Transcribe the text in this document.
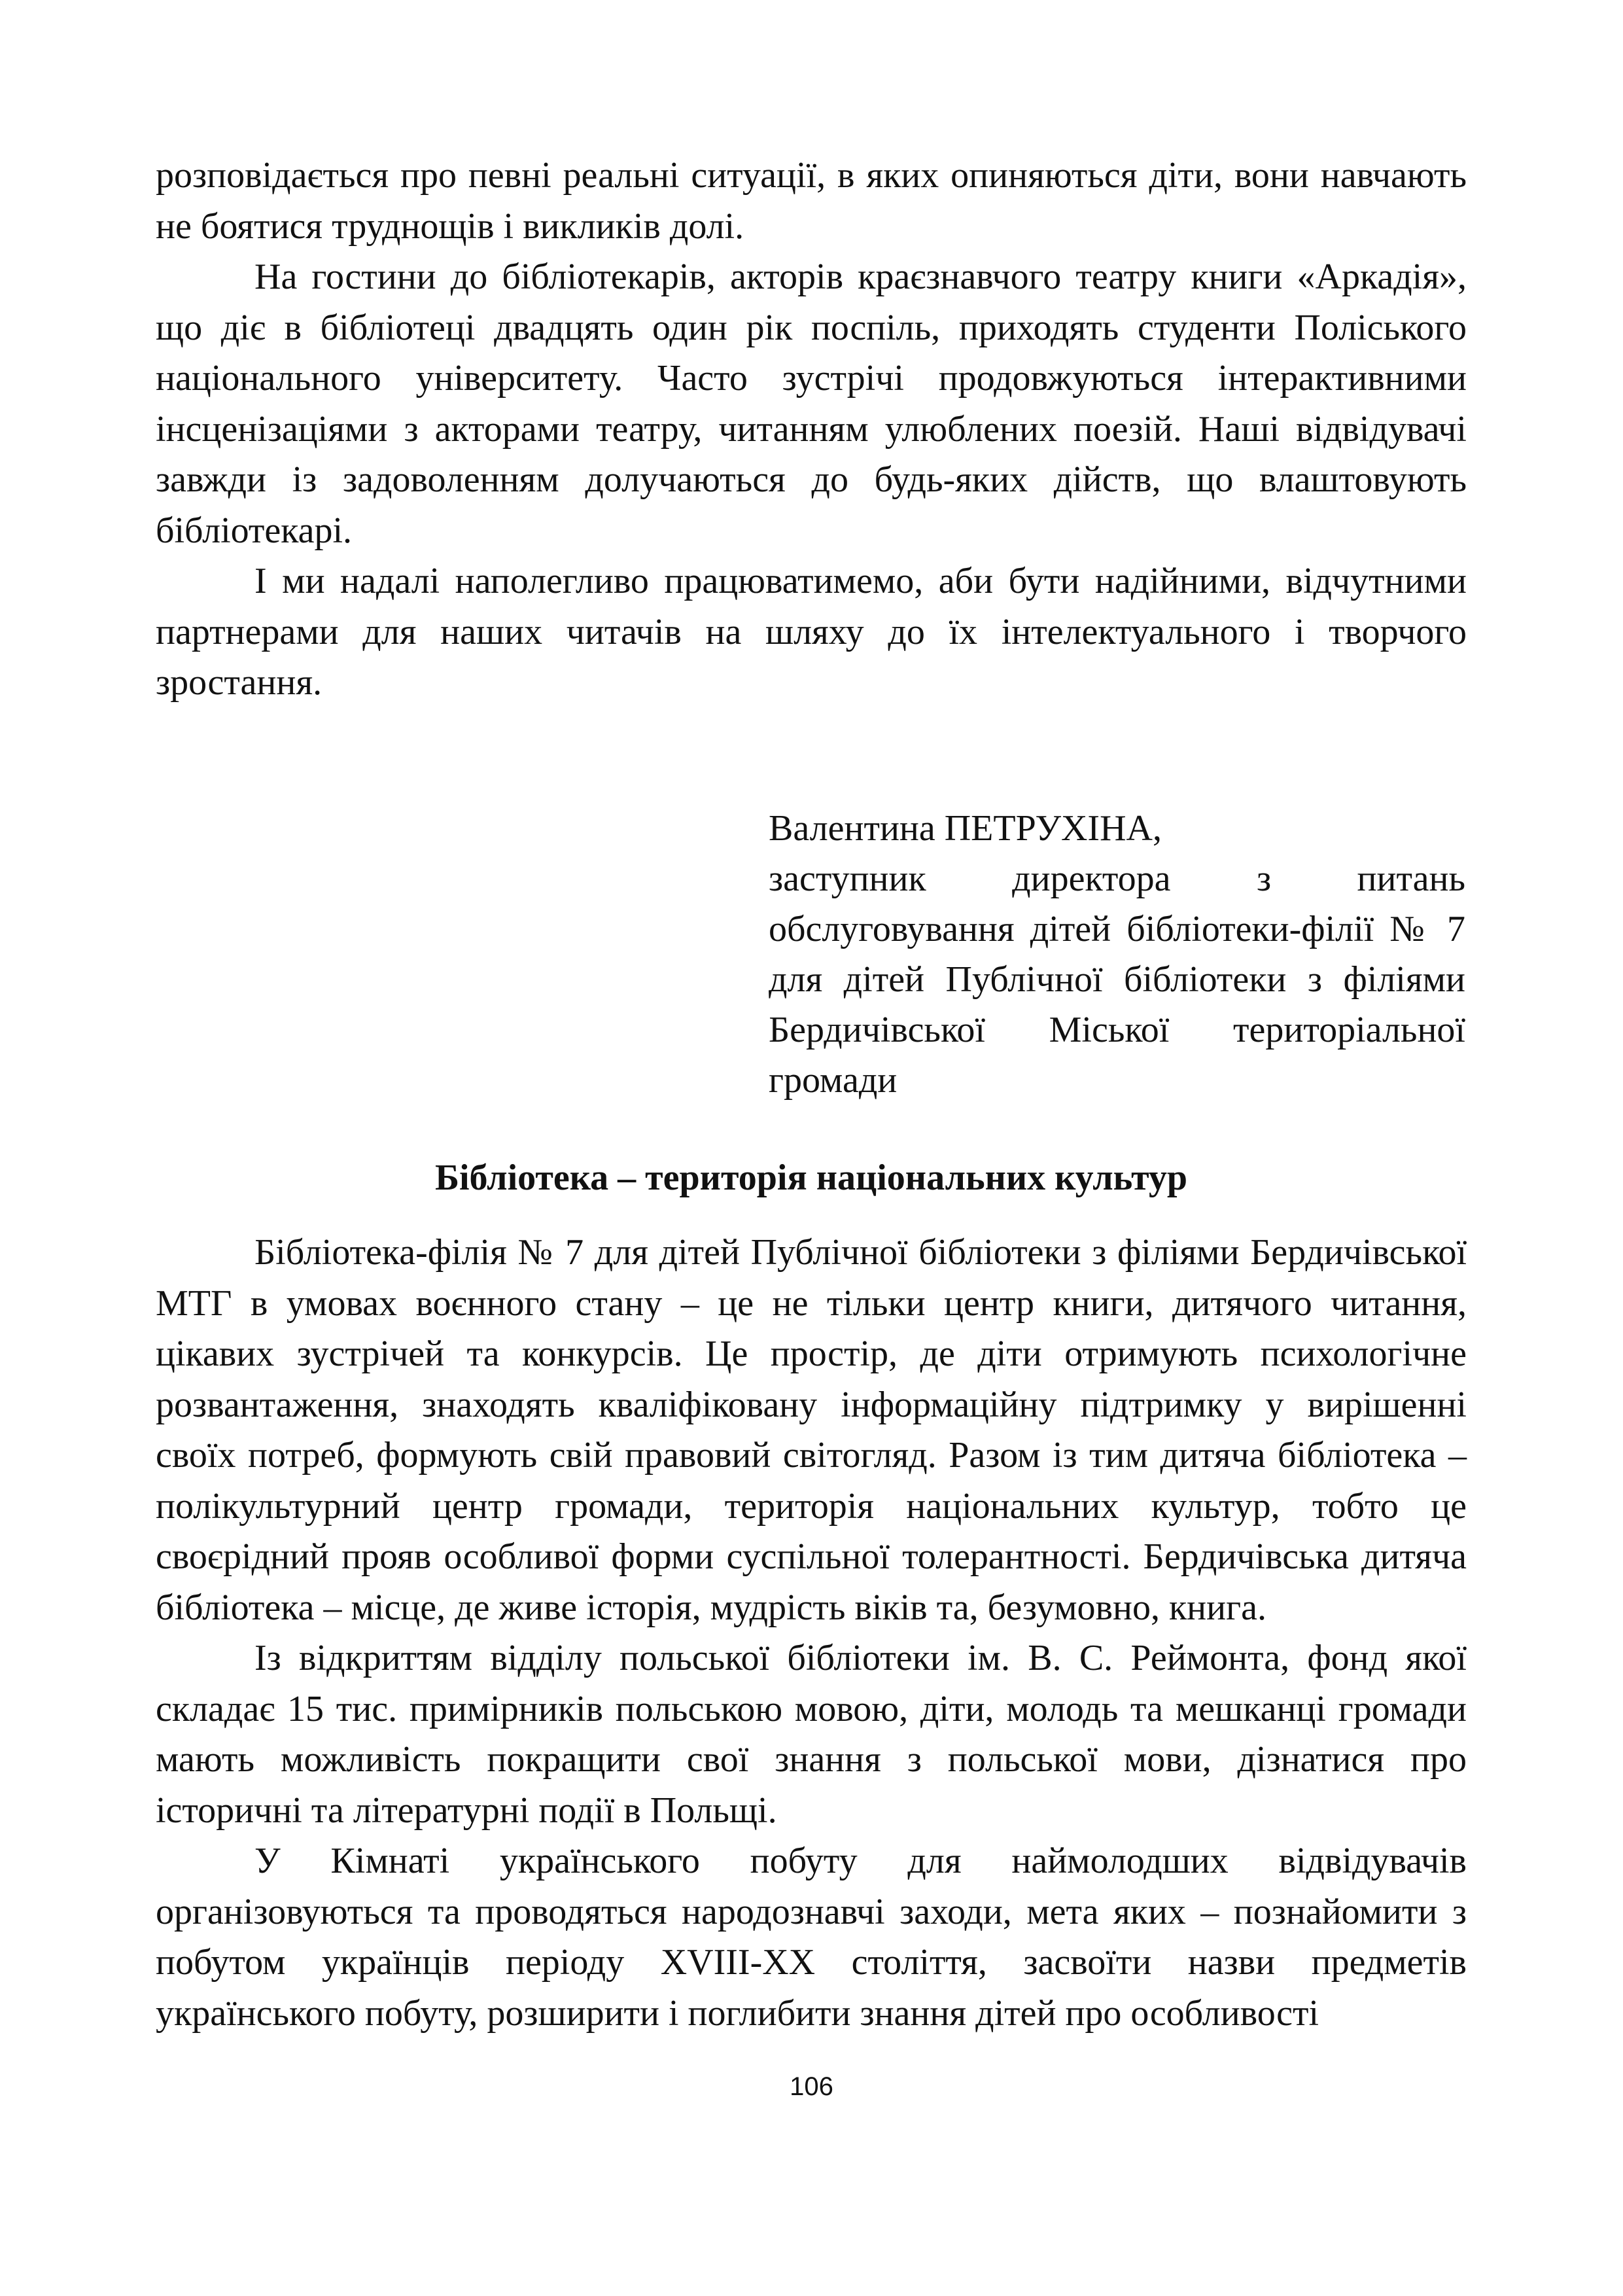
розповідається про певні реальні ситуації, в яких опиняються діти, вони навчають не боятися труднощів і викликів долі.

На гостини до бібліотекарів, акторів краєзнавчого театру книги «Аркадія», що діє в бібліотеці двадцять один рік поспіль, приходять студенти Поліського національного університету. Часто зустрічі продовжуються інтерактивними інсценізаціями з акторами театру, читанням улюблених поезій. Наші відвідувачі завжди із задоволенням долучаються до будь-яких дійств, що влаштовують бібліотекарі.

І ми надалі наполегливо працюватимемо, аби бути надійними, відчутними партнерами для наших читачів на шляху до їх інтелектуального і творчого зростання.

Валентина ПЕТРУХІНА,

заступник директора з питань обслуговування дітей бібліотеки-філії № 7 для дітей Публічної бібліотеки з філіями Бердичівської Міської територіальної громади

Бібліотека – територія національних культур

Бібліотека-філія № 7 для дітей Публічної бібліотеки з філіями Бердичівської МТГ в умовах воєнного стану – це не тільки центр книги, дитячого читання, цікавих зустрічей та конкурсів. Це простір, де діти отримують психологічне розвантаження, знаходять кваліфіковану інформаційну підтримку у вирішенні своїх потреб, формують свій правовий світогляд. Разом із тим дитяча бібліотека – полікультурний центр громади, територія національних культур, тобто це своєрідний прояв особливої форми суспільної толерантності. Бердичівська дитяча бібліотека – місце, де живе історія, мудрість віків та, безумовно, книга.

Із відкриттям відділу польської бібліотеки ім. В. С. Реймонта, фонд якої складає 15 тис. примірників польською мовою, діти, молодь та мешканці громади мають можливість покращити свої знання з польської мови, дізнатися про історичні та літературні події в Польщі.

У Кімнаті українського побуту для наймолодших відвідувачів організовуються та проводяться народознавчі заходи, мета яких – познайомити з побутом українців періоду XVIII-XX століття, засвоїти назви предметів українського побуту, розширити і поглибити знання дітей про особливості

106
